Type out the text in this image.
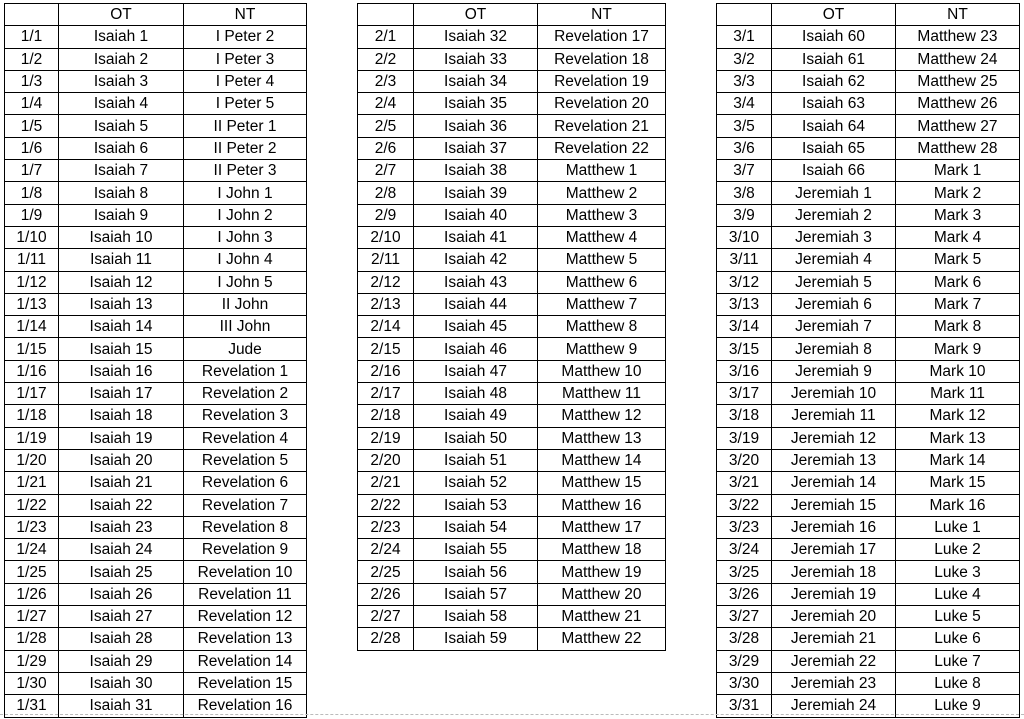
	OT	NT
1/1	Isaiah 1	I Peter 2
1/2	Isaiah 2	I Peter 3
1/3	Isaiah 3	I Peter 4
1/4	Isaiah 4	I Peter 5
1/5	Isaiah 5	II Peter 1
1/6	Isaiah 6	II Peter 2
1/7	Isaiah 7	II Peter 3
1/8	Isaiah 8	I John 1
1/9	Isaiah 9	I John 2
1/10	Isaiah 10	I John 3
1/11	Isaiah 11	I John 4
1/12	Isaiah 12	I John 5
1/13	Isaiah 13	II John
1/14	Isaiah 14	III John
1/15	Isaiah 15	Jude
1/16	Isaiah 16	Revelation 1
1/17	Isaiah 17	Revelation 2
1/18	Isaiah 18	Revelation 3
1/19	Isaiah 19	Revelation 4
1/20	Isaiah 20	Revelation 5
1/21	Isaiah 21	Revelation 6
1/22	Isaiah 22	Revelation 7
1/23	Isaiah 23	Revelation 8
1/24	Isaiah 24	Revelation 9
1/25	Isaiah 25	Revelation 10
1/26	Isaiah 26	Revelation 11
1/27	Isaiah 27	Revelation 12
1/28	Isaiah 28	Revelation 13
1/29	Isaiah 29	Revelation 14
1/30	Isaiah 30	Revelation 15
1/31	Isaiah 31	Revelation 16
	OT	NT
2/1	Isaiah 32	Revelation 17
2/2	Isaiah 33	Revelation 18
2/3	Isaiah 34	Revelation 19
2/4	Isaiah 35	Revelation 20
2/5	Isaiah 36	Revelation 21
2/6	Isaiah 37	Revelation 22
2/7	Isaiah 38	Matthew 1
2/8	Isaiah 39	Matthew 2
2/9	Isaiah 40	Matthew 3
2/10	Isaiah 41	Matthew 4
2/11	Isaiah 42	Matthew 5
2/12	Isaiah 43	Matthew 6
2/13	Isaiah 44	Matthew 7
2/14	Isaiah 45	Matthew 8
2/15	Isaiah 46	Matthew 9
2/16	Isaiah 47	Matthew 10
2/17	Isaiah 48	Matthew 11
2/18	Isaiah 49	Matthew 12
2/19	Isaiah 50	Matthew 13
2/20	Isaiah 51	Matthew 14
2/21	Isaiah 52	Matthew 15
2/22	Isaiah 53	Matthew 16
2/23	Isaiah 54	Matthew 17
2/24	Isaiah 55	Matthew 18
2/25	Isaiah 56	Matthew 19
2/26	Isaiah 57	Matthew 20
2/27	Isaiah 58	Matthew 21
2/28	Isaiah 59	Matthew 22
	OT	NT
3/1	Isaiah 60	Matthew 23
3/2	Isaiah 61	Matthew 24
3/3	Isaiah 62	Matthew 25
3/4	Isaiah 63	Matthew 26
3/5	Isaiah 64	Matthew 27
3/6	Isaiah 65	Matthew 28
3/7	Isaiah 66	Mark 1
3/8	Jeremiah 1	Mark 2
3/9	Jeremiah 2	Mark 3
3/10	Jeremiah 3	Mark 4
3/11	Jeremiah 4	Mark 5
3/12	Jeremiah 5	Mark 6
3/13	Jeremiah 6	Mark 7
3/14	Jeremiah 7	Mark 8
3/15	Jeremiah 8	Mark 9
3/16	Jeremiah 9	Mark 10
3/17	Jeremiah 10	Mark 11
3/18	Jeremiah 11	Mark 12
3/19	Jeremiah 12	Mark 13
3/20	Jeremiah 13	Mark 14
3/21	Jeremiah 14	Mark 15
3/22	Jeremiah 15	Mark 16
3/23	Jeremiah 16	Luke 1
3/24	Jeremiah 17	Luke 2
3/25	Jeremiah 18	Luke 3
3/26	Jeremiah 19	Luke 4
3/27	Jeremiah 20	Luke 5
3/28	Jeremiah 21	Luke 6
3/29	Jeremiah 22	Luke 7
3/30	Jeremiah 23	Luke 8
3/31	Jeremiah 24	Luke 9
